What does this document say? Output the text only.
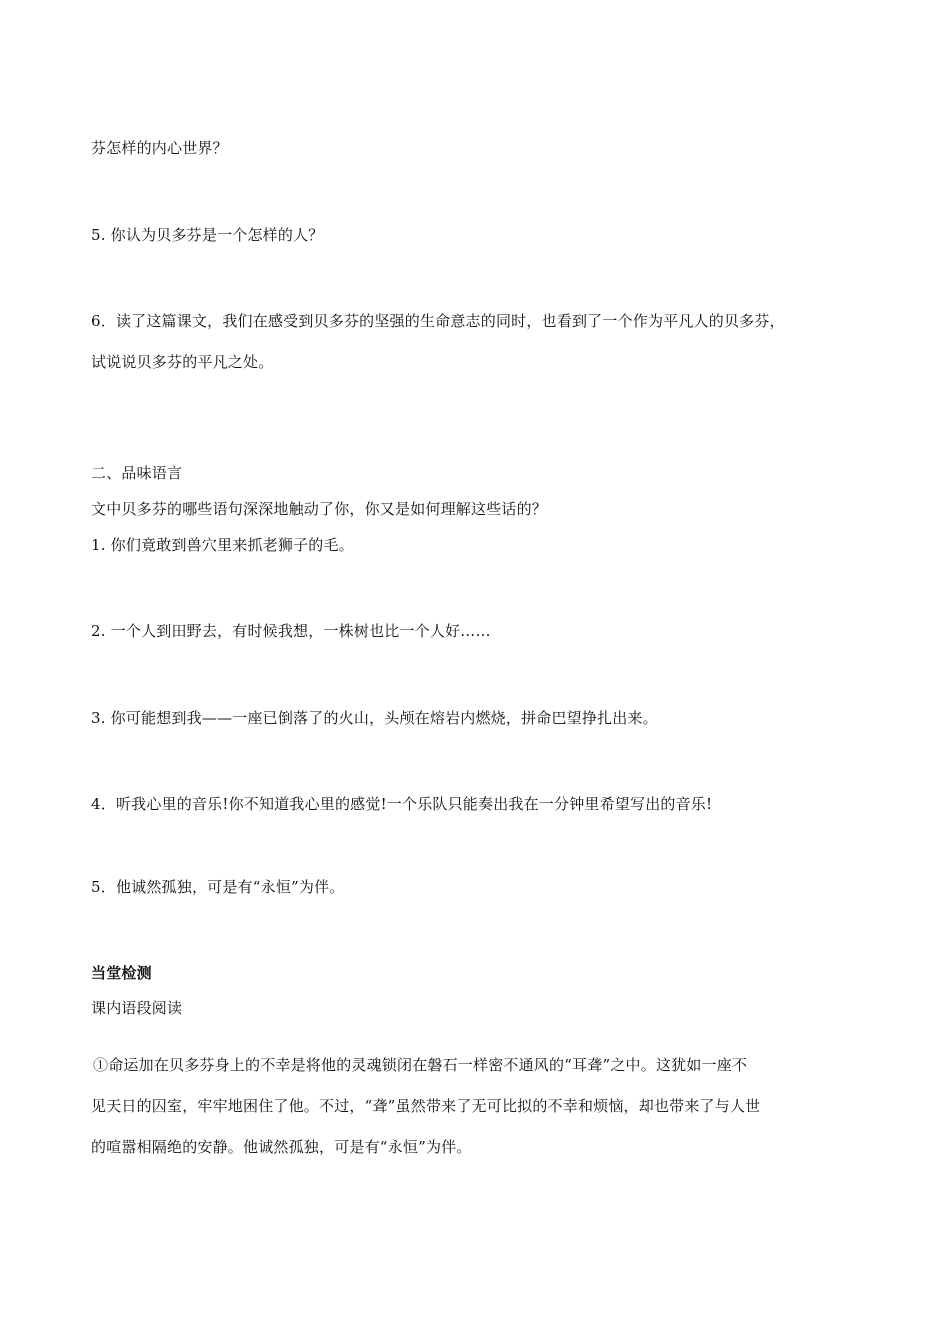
芬怎样的内心世界？
5. 你认为贝多芬是一个怎样的人？
6．读了这篇课文，我们在感受到贝多芬的坚强的生命意志的同时，也看到了一个作为平凡人的贝多芬，
试说说贝多芬的平凡之处。
二、品味语言
文中贝多芬的哪些语句深深地触动了你，你又是如何理解这些话的？
1. 你们竟敢到兽穴里来抓老狮子的毛。
2. 一个人到田野去，有时候我想，一株树也比一个人好……
3. 你可能想到我——一座已倒落了的火山，头颅在熔岩内燃烧，拼命巴望挣扎出来。
4．听我心里的音乐!你不知道我心里的感觉!一个乐队只能奏出我在一分钟里希望写出的音乐!
5．他诚然孤独，可是有“永恒”为伴。
当堂检测
课内语段阅读
①命运加在贝多芬身上的不幸是将他的灵魂锁闭在磐石一样密不通风的“耳聋”之中。这犹如一座不
见天日的囚室，牢牢地困住了他。不过，“聋”虽然带来了无可比拟的不幸和烦恼，却也带来了与人世
的喧嚣相隔绝的安静。他诚然孤独，可是有“永恒”为伴。
